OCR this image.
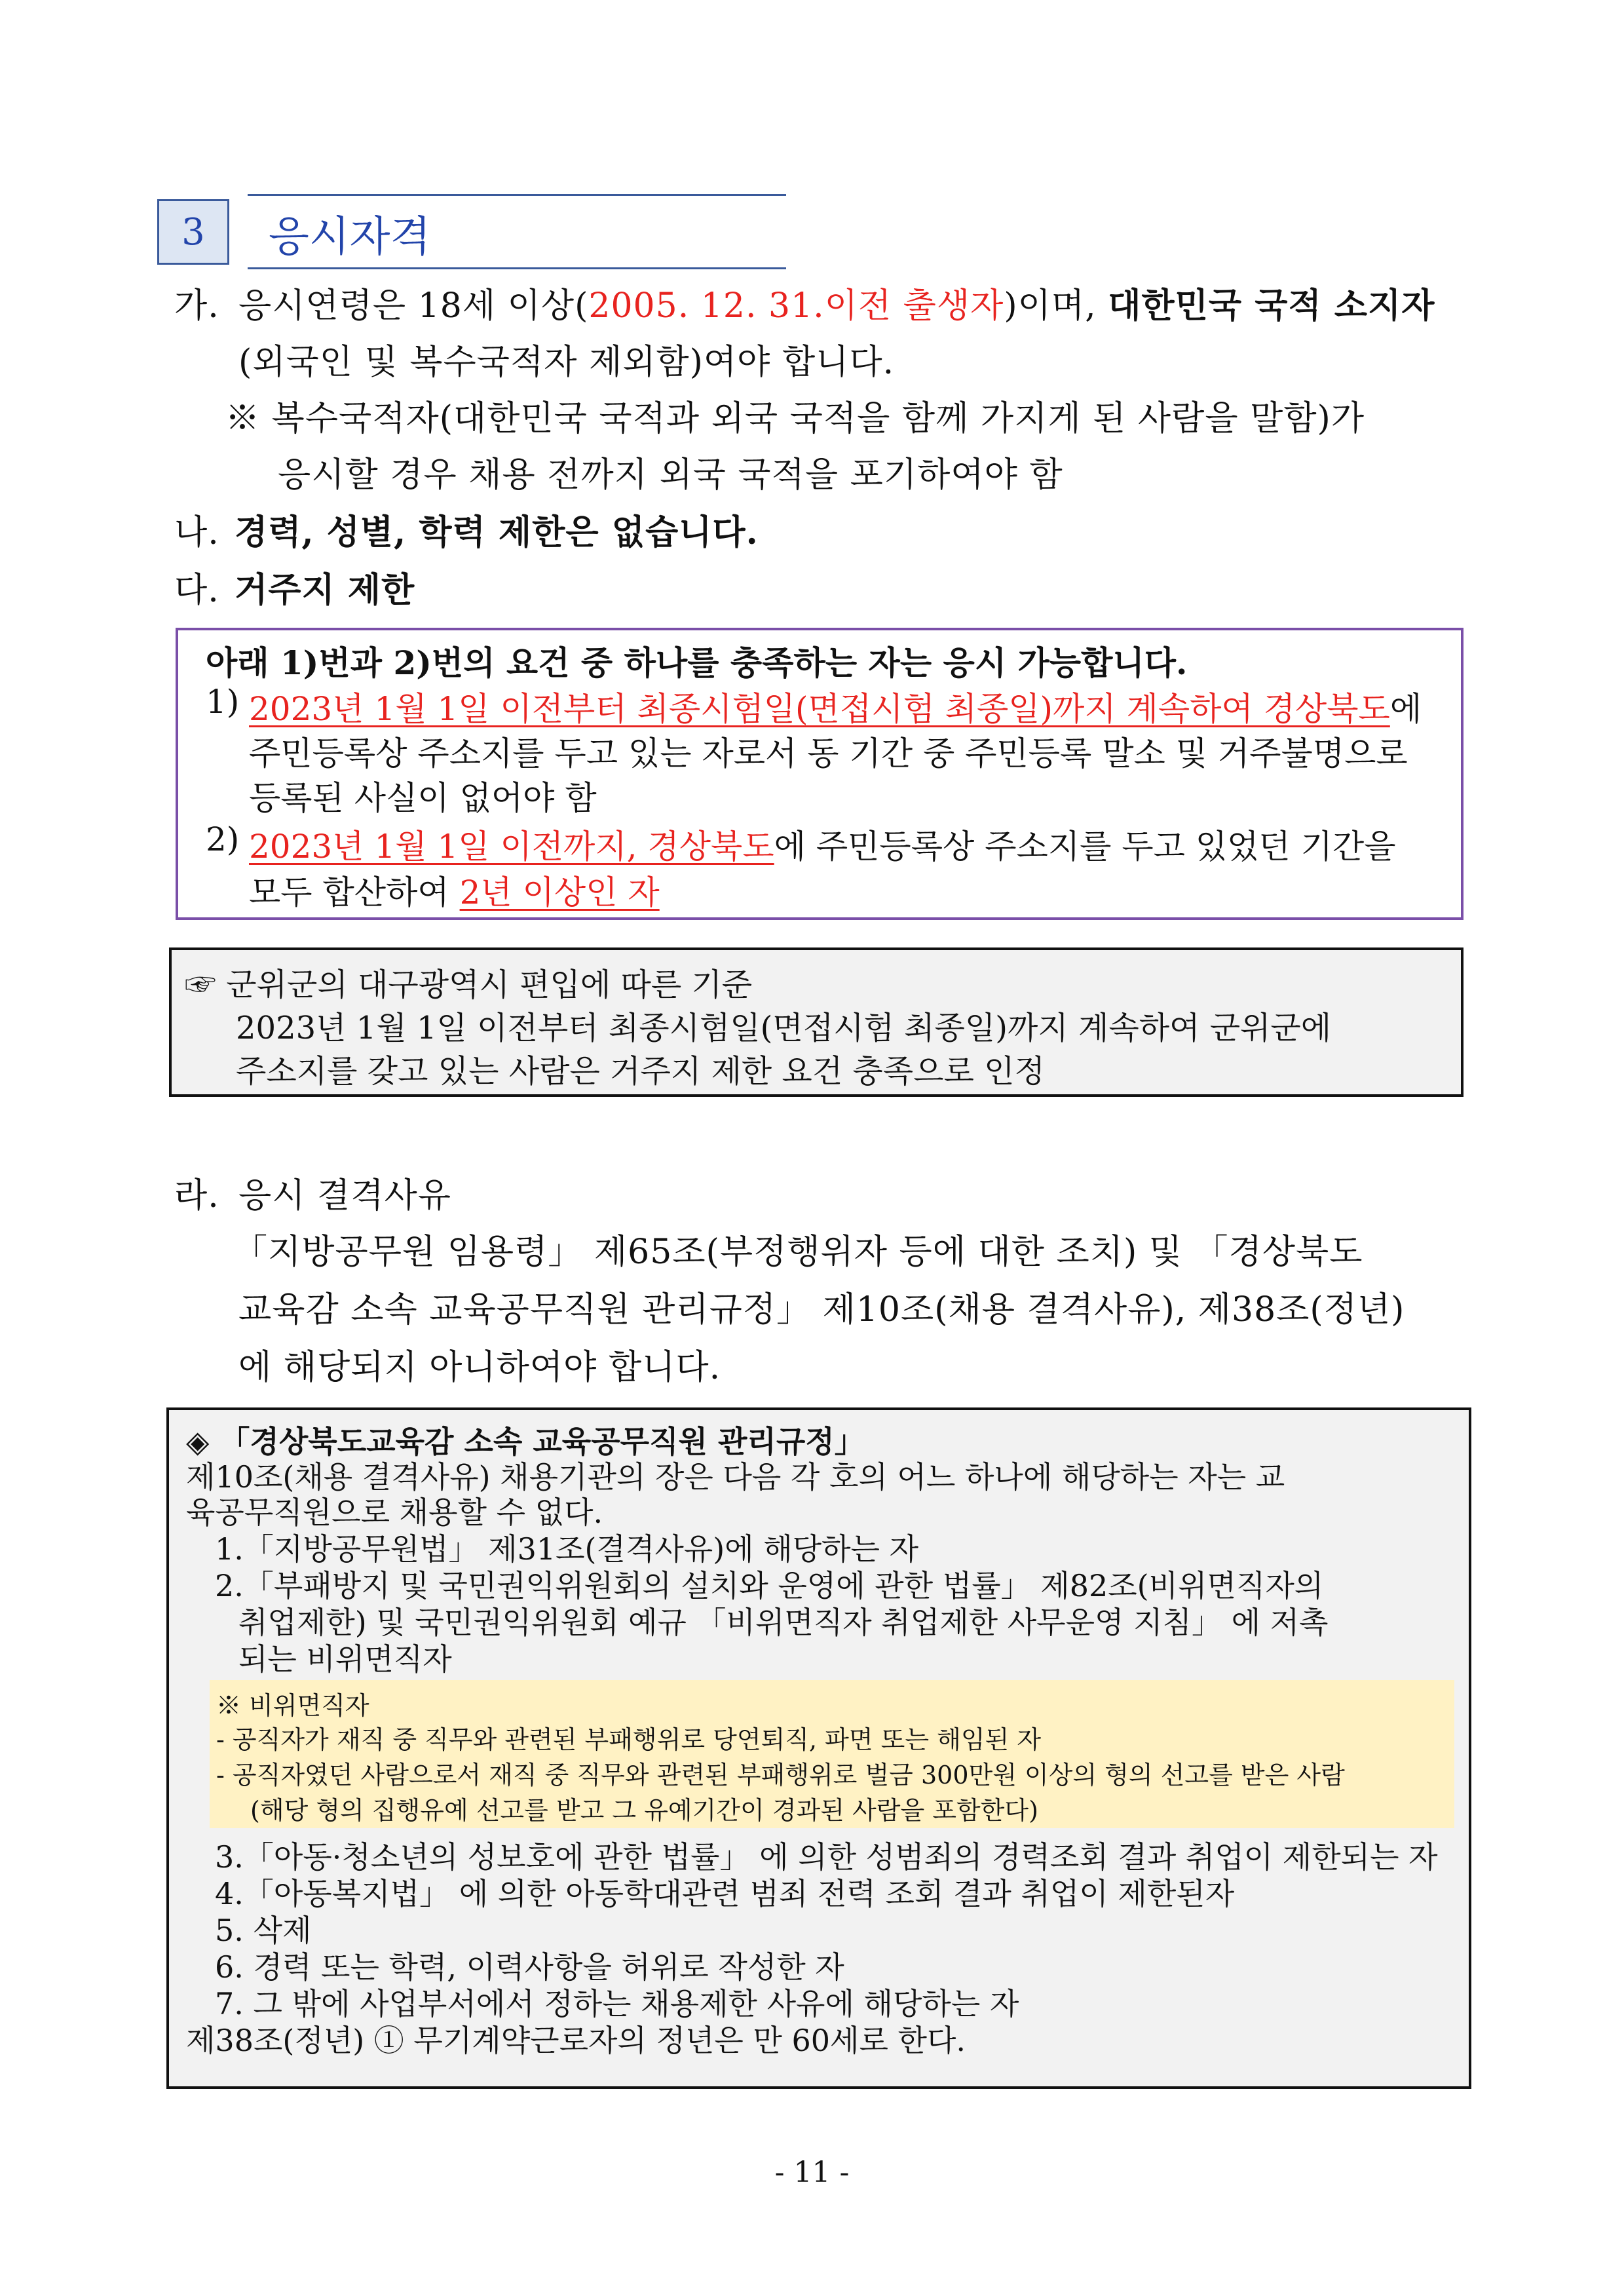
3	응시자격
가. 응시연령은 18세 이상(2005. 12. 31.이전 출생자)이며, 대한민국 국적 소지자
(외국인 및 복수국적자 제외함)여야 합니다.
※ 복수국적자(대한민국 국적과 외국 국적을 함께 가지게 된 사람을 말함)가
응시할 경우 채용 전까지 외국 국적을 포기하여야 함
나. 경력, 성별, 학력 제한은 없습니다.
다. 거주지 제한
아래 1)번과 2)번의 요건 중 하나를 충족하는 자는 응시 가능합니다.
1) 2023년 1월 1일 이전부터 최종시험일(면접시험 최종일)까지 계속하여 경상북도에
주민등록상 주소지를 두고 있는 자로서 동 기간 중 주민등록 말소 및 거주불명으로
등록된 사실이 없어야 함
2) 2023년 1월 1일 이전까지, 경상북도에 주민등록상 주소지를 두고 있었던 기간을
모두 합산하여 2년 이상인 자
☞ 군위군의 대구광역시 편입에 따른 기준
2023년 1월 1일 이전부터 최종시험일(면접시험 최종일)까지 계속하여 군위군에
주소지를 갖고 있는 사람은 거주지 제한 요건 충족으로 인정
라. 응시 결격사유
「지방공무원 임용령」 제65조(부정행위자 등에 대한 조치) 및 「경상북도
교육감 소속 교육공무직원 관리규정」 제10조(채용 결격사유), 제38조(정년)
에 해당되지 아니하여야 합니다.
◈ 「경상북도교육감 소속 교육공무직원 관리규정」
제10조(채용 결격사유) 채용기관의 장은 다음 각 호의 어느 하나에 해당하는 자는 교
육공무직원으로 채용할 수 없다.
1.「지방공무원법」 제31조(결격사유)에 해당하는 자
2.「부패방지 및 국민권익위원회의 설치와 운영에 관한 법률」 제82조(비위면직자의
취업제한) 및 국민권익위원회 예규 「비위면직자 취업제한 사무운영 지침」 에 저촉
되는 비위면직자
※ 비위면직자
- 공직자가 재직 중 직무와 관련된 부패행위로 당연퇴직, 파면 또는 해임된 자
- 공직자였던 사람으로서 재직 중 직무와 관련된 부패행위로 벌금 300만원 이상의 형의 선고를 받은 사람
(해당 형의 집행유예 선고를 받고 그 유예기간이 경과된 사람을 포함한다)
3.「아동·청소년의 성보호에 관한 법률」 에 의한 성범죄의 경력조회 결과 취업이 제한되는 자
4.「아동복지법」 에 의한 아동학대관련 범죄 전력 조회 결과 취업이 제한된자
5. 삭제
6. 경력 또는 학력, 이력사항을 허위로 작성한 자
7. 그 밖에 사업부서에서 정하는 채용제한 사유에 해당하는 자
제38조(정년) ① 무기계약근로자의 정년은 만 60세로 한다.
- 11 -
